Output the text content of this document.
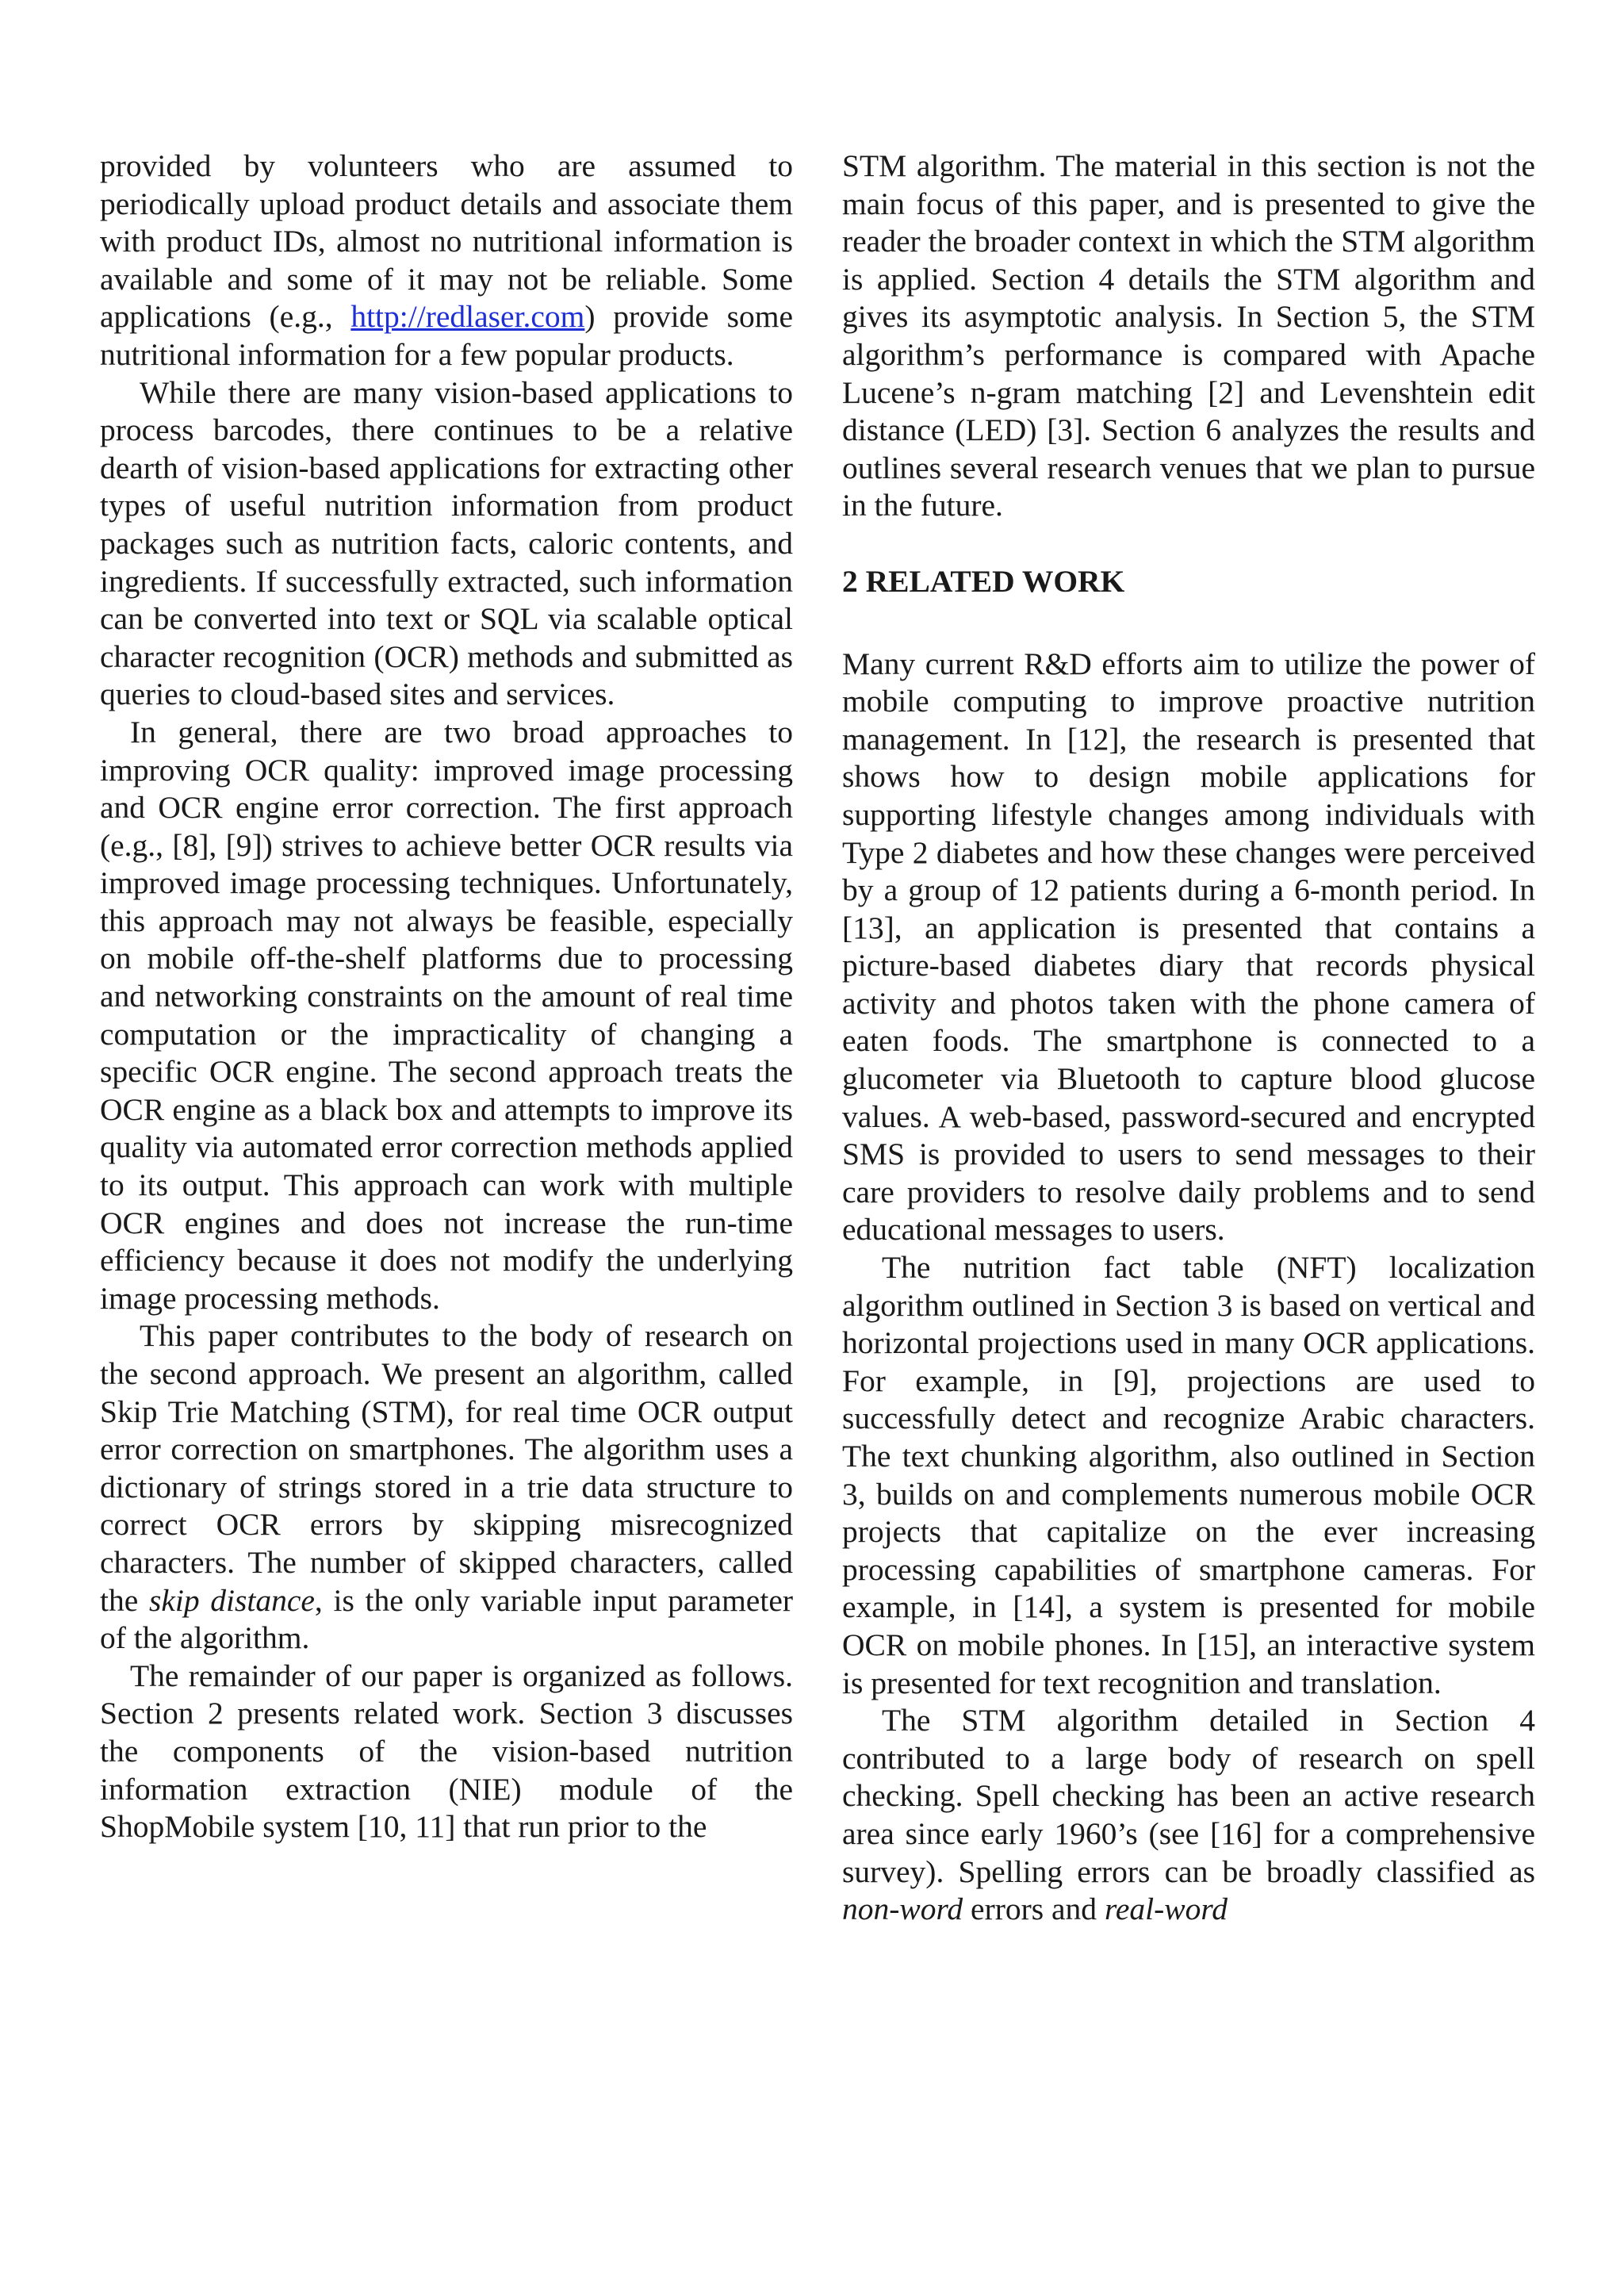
provided by volunteers who are assumed to periodically upload product details and associate them with product IDs, almost no nutritional information is available and some of it may not be reliable. Some applications (e.g., http://redlaser.com) provide some nutritional information for a few popular products.

While there are many vision-based applications to process barcodes, there continues to be a relative dearth of vision-based applications for extracting other types of useful nutrition information from product packages such as nutrition facts, caloric contents, and ingredients. If successfully extracted, such information can be converted into text or SQL via scalable optical character recognition (OCR) methods and submitted as queries to cloud-based sites and services.

In general, there are two broad approaches to improving OCR quality: improved image processing and OCR engine error correction. The first approach (e.g., [8], [9]) strives to achieve better OCR results via improved image processing techniques. Unfortunately, this approach may not always be feasible, especially on mobile off-the-shelf platforms due to processing and networking constraints on the amount of real time computation or the impracticality of changing a specific OCR engine. The second approach treats the OCR engine as a black box and attempts to improve its quality via automated error correction methods applied to its output. This approach can work with multiple OCR engines and does not increase the run-time efficiency because it does not modify the underlying image processing methods.

This paper contributes to the body of research on the second approach. We present an algorithm, called Skip Trie Matching (STM), for real time OCR output error correction on smartphones. The algorithm uses a dictionary of strings stored in a trie data structure to correct OCR errors by skipping misrecognized characters. The number of skipped characters, called the skip distance, is the only variable input parameter of the algorithm.

The remainder of our paper is organized as follows. Section 2 presents related work. Section 3 discusses the components of the vision-based nutrition information extraction (NIE) module of the ShopMobile system [10, 11] that run prior to the

STM algorithm. The material in this section is not the main focus of this paper, and is presented to give the reader the broader context in which the STM algorithm is applied. Section 4 details the STM algorithm and gives its asymptotic analysis. In Section 5, the STM algorithm’s performance is compared with Apache Lucene’s n-gram matching [2] and Levenshtein edit distance (LED) [3]. Section 6 analyzes the results and outlines several research venues that we plan to pursue in the future.

2 RELATED WORK

Many current R&D efforts aim to utilize the power of mobile computing to improve proactive nutrition management. In [12], the research is presented that shows how to design mobile applications for supporting lifestyle changes among individuals with Type 2 diabetes and how these changes were perceived by a group of 12 patients during a 6-month period. In [13], an application is presented that contains a picture-based diabetes diary that records physical activity and photos taken with the phone camera of eaten foods. The smartphone is connected to a glucometer via Bluetooth to capture blood glucose values. A web-based, password-secured and encrypted SMS is provided to users to send messages to their care providers to resolve daily problems and to send educational messages to users.

The nutrition fact table (NFT) localization algorithm outlined in Section 3 is based on vertical and horizontal projections used in many OCR applications. For example, in [9], projections are used to successfully detect and recognize Arabic characters. The text chunking algorithm, also outlined in Section 3, builds on and complements numerous mobile OCR projects that capitalize on the ever increasing processing capabilities of smartphone cameras. For example, in [14], a system is presented for mobile OCR on mobile phones. In [15], an interactive system is presented for text recognition and translation.

The STM algorithm detailed in Section 4 contributed to a large body of research on spell checking. Spell checking has been an active research area since early 1960’s (see [16] for a comprehensive survey). Spelling errors can be broadly classified as non-word errors and real-word
